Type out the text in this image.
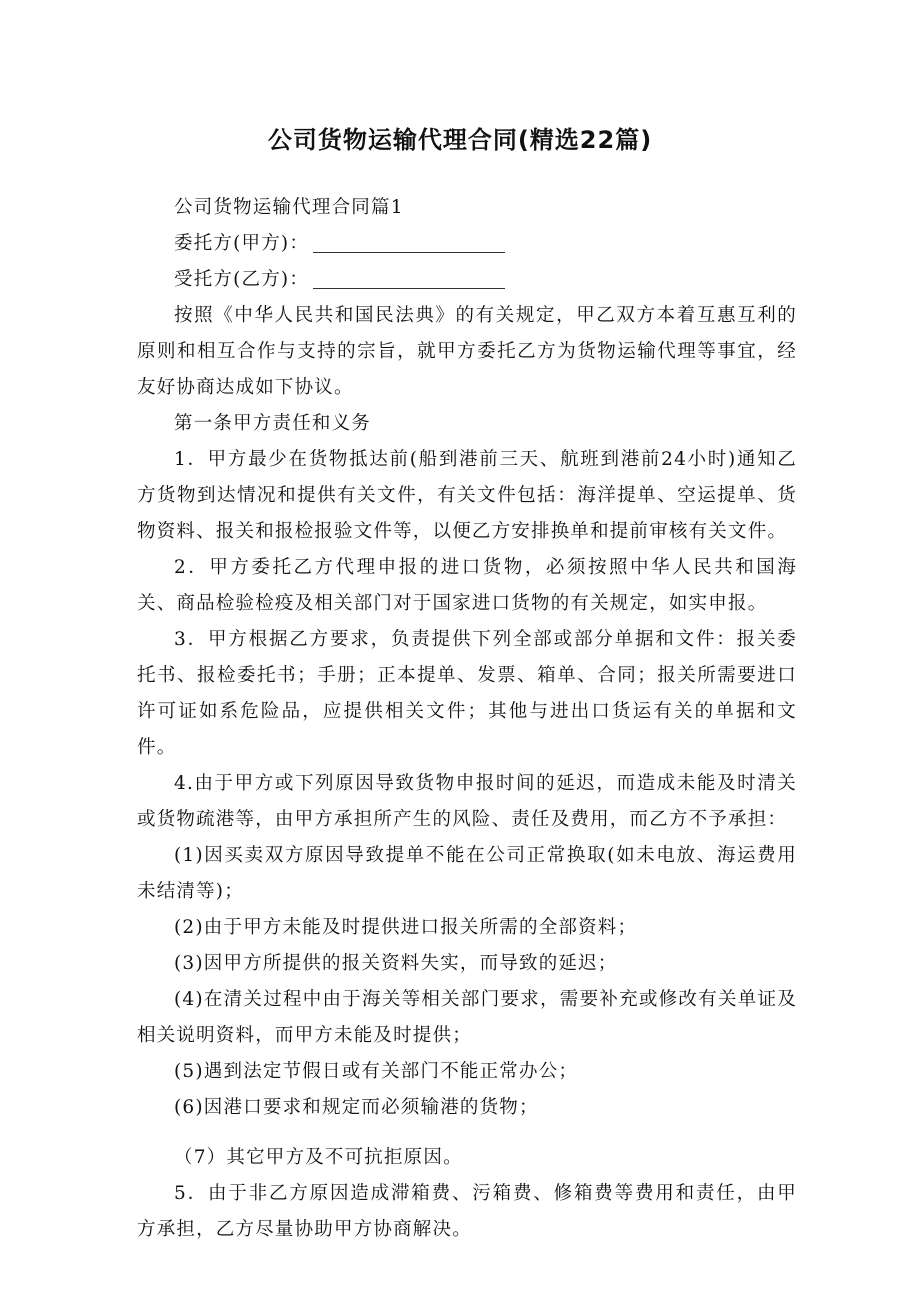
公司货物运输代理合同(精选22篇)

公司货物运输代理合同篇1

委托方(甲方)：

受托方(乙方)：

按照《中华人民共和国民法典》的有关规定，甲乙双方本着互惠互利的原则和相互合作与支持的宗旨，就甲方委托乙方为货物运输代理等事宜，经友好协商达成如下协议。

第一条甲方责任和义务

1．甲方最少在货物抵达前(船到港前三天、航班到港前24小时)通知乙方货物到达情况和提供有关文件，有关文件包括：海洋提单、空运提单、货物资料、报关和报检报验文件等，以便乙方安排换单和提前审核有关文件。

2．甲方委托乙方代理申报的进口货物，必须按照中华人民共和国海关、商品检验检疫及相关部门对于国家进口货物的有关规定，如实申报。

3．甲方根据乙方要求，负责提供下列全部或部分单据和文件：报关委托书、报检委托书；手册；正本提单、发票、箱单、合同；报关所需要进口许可证如系危险品，应提供相关文件；其他与进出口货运有关的单据和文件。

4.由于甲方或下列原因导致货物申报时间的延迟，而造成未能及时清关或货物疏港等，由甲方承担所产生的风险、责任及费用，而乙方不予承担：

(1)因买卖双方原因导致提单不能在公司正常换取(如未电放、海运费用未结清等)；

(2)由于甲方未能及时提供进口报关所需的全部资料；

(3)因甲方所提供的报关资料失实，而导致的延迟；

(4)在清关过程中由于海关等相关部门要求，需要补充或修改有关单证及相关说明资料，而甲方未能及时提供；

(5)遇到法定节假日或有关部门不能正常办公；

(6)因港口要求和规定而必须输港的货物；

（7）其它甲方及不可抗拒原因。

5．由于非乙方原因造成滞箱费、污箱费、修箱费等费用和责任，由甲方承担，乙方尽量协助甲方协商解决。
